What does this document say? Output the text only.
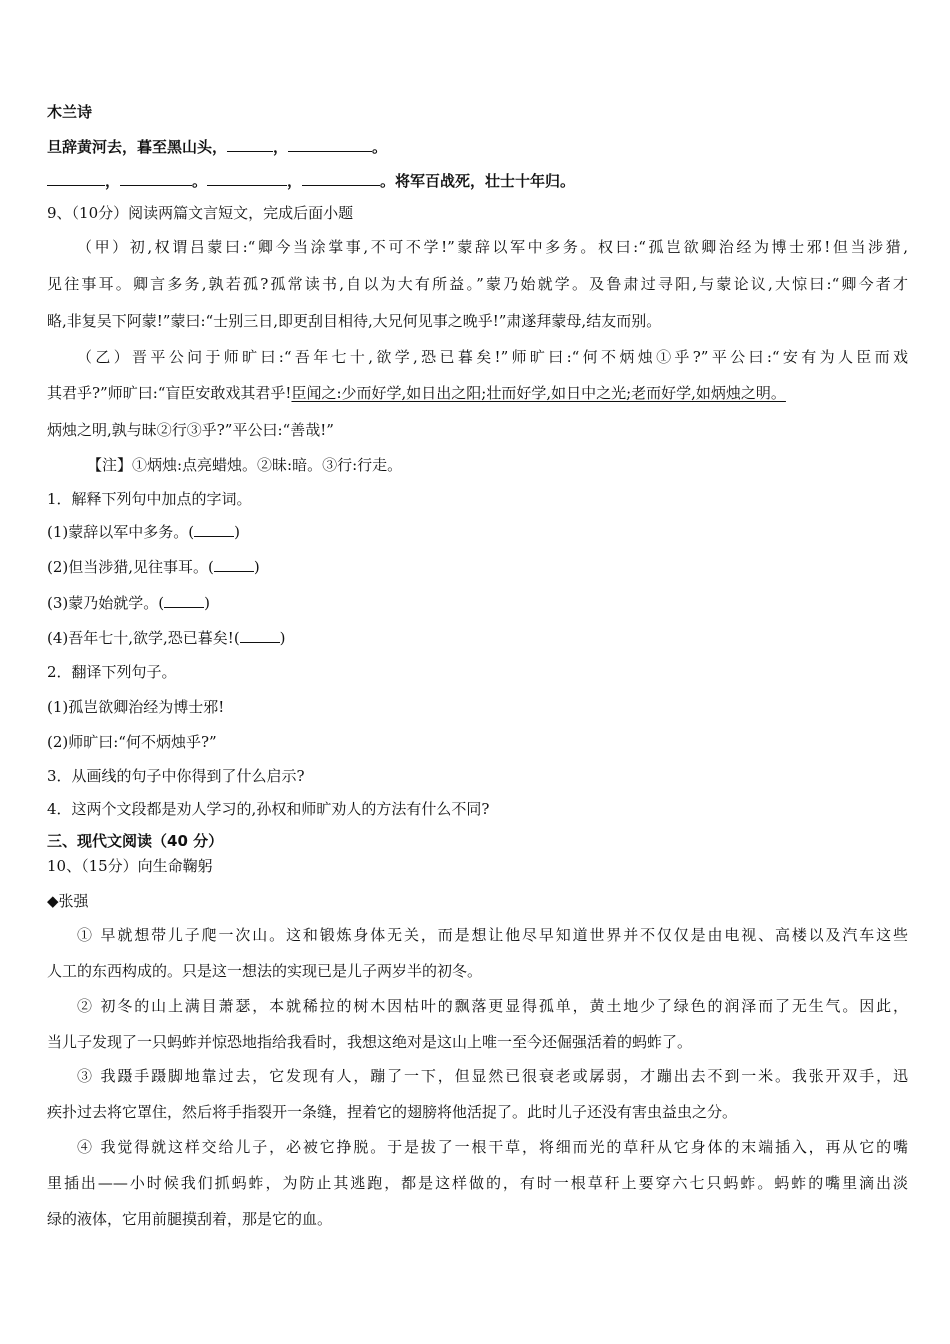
木兰诗
旦辞黄河去，暮至黑山头，	，	。
，	。	，	。将军百战死，壮士十年归。
9、（10分）阅读两篇文言短文，完成后面小题
（甲）初,权谓吕蒙曰:“卿今当涂掌事,不可不学!”蒙辞以军中多务。权曰:“孤岂欲卿治经为博士邪!但当涉猎,
见往事耳。卿言多务,孰若孤?孤常读书,自以为大有所益。”蒙乃始就学。及鲁肃过寻阳,与蒙论议,大惊曰:“卿今者才
略,非复吴下阿蒙!”蒙曰:“士别三日,即更刮目相待,大兄何见事之晚乎!”肃遂拜蒙母,结友而别。
（乙）晋平公问于师旷曰:“吾年七十,欲学,恐已暮矣!”师旷曰:“何不炳烛①乎?”平公曰:“安有为人臣而戏
其君乎?”师旷曰:“盲臣安敢戏其君乎!臣闻之:少而好学,如日出之阳;壮而好学,如日中之光;老而好学,如炳烛之明。
炳烛之明,孰与昧②行③乎?”平公曰:“善哉!”
【注】①炳烛:点亮蜡烛。②昧:暗。③行:行走。
1．解释下列句中加点的字词。
(1)蒙辞以军中多务。(	)
(2)但当涉猎,见往事耳。(	)
(3)蒙乃始就学。(	)
(4)吾年七十,欲学,恐已暮矣!(	)
2．翻译下列句子。
(1)孤岂欲卿治经为博士邪!
(2)师旷曰:“何不炳烛乎?”
3．从画线的句子中你得到了什么启示?
4．这两个文段都是劝人学习的,孙权和师旷劝人的方法有什么不同?
三、现代文阅读（40 分）
10、（15分）向生命鞠躬
◆张强
① 早就想带儿子爬一次山。这和锻炼身体无关，而是想让他尽早知道世界并不仅仅是由电视、高楼以及汽车这些
人工的东西构成的。只是这一想法的实现已是儿子两岁半的初冬。
② 初冬的山上满目萧瑟，本就稀拉的树木因枯叶的飘落更显得孤单，黄土地少了绿色的润泽而了无生气。因此，
当儿子发现了一只蚂蚱并惊恐地指给我看时，我想这绝对是这山上唯一至今还倔强活着的蚂蚱了。
③ 我蹑手蹑脚地靠过去，它发现有人，蹦了一下，但显然已很衰老或孱弱，才蹦出去不到一米。我张开双手，迅
疾扑过去将它罩住，然后将手指裂开一条缝，捏着它的翅膀将他活捉了。此时儿子还没有害虫益虫之分。
④ 我觉得就这样交给儿子，必被它挣脱。于是拔了一根干草，将细而光的草秆从它身体的末端插入，再从它的嘴
里插出——小时候我们抓蚂蚱，为防止其逃跑，都是这样做的，有时一根草秆上要穿六七只蚂蚱。蚂蚱的嘴里滴出淡
绿的液体，它用前腿摸刮着，那是它的血。
